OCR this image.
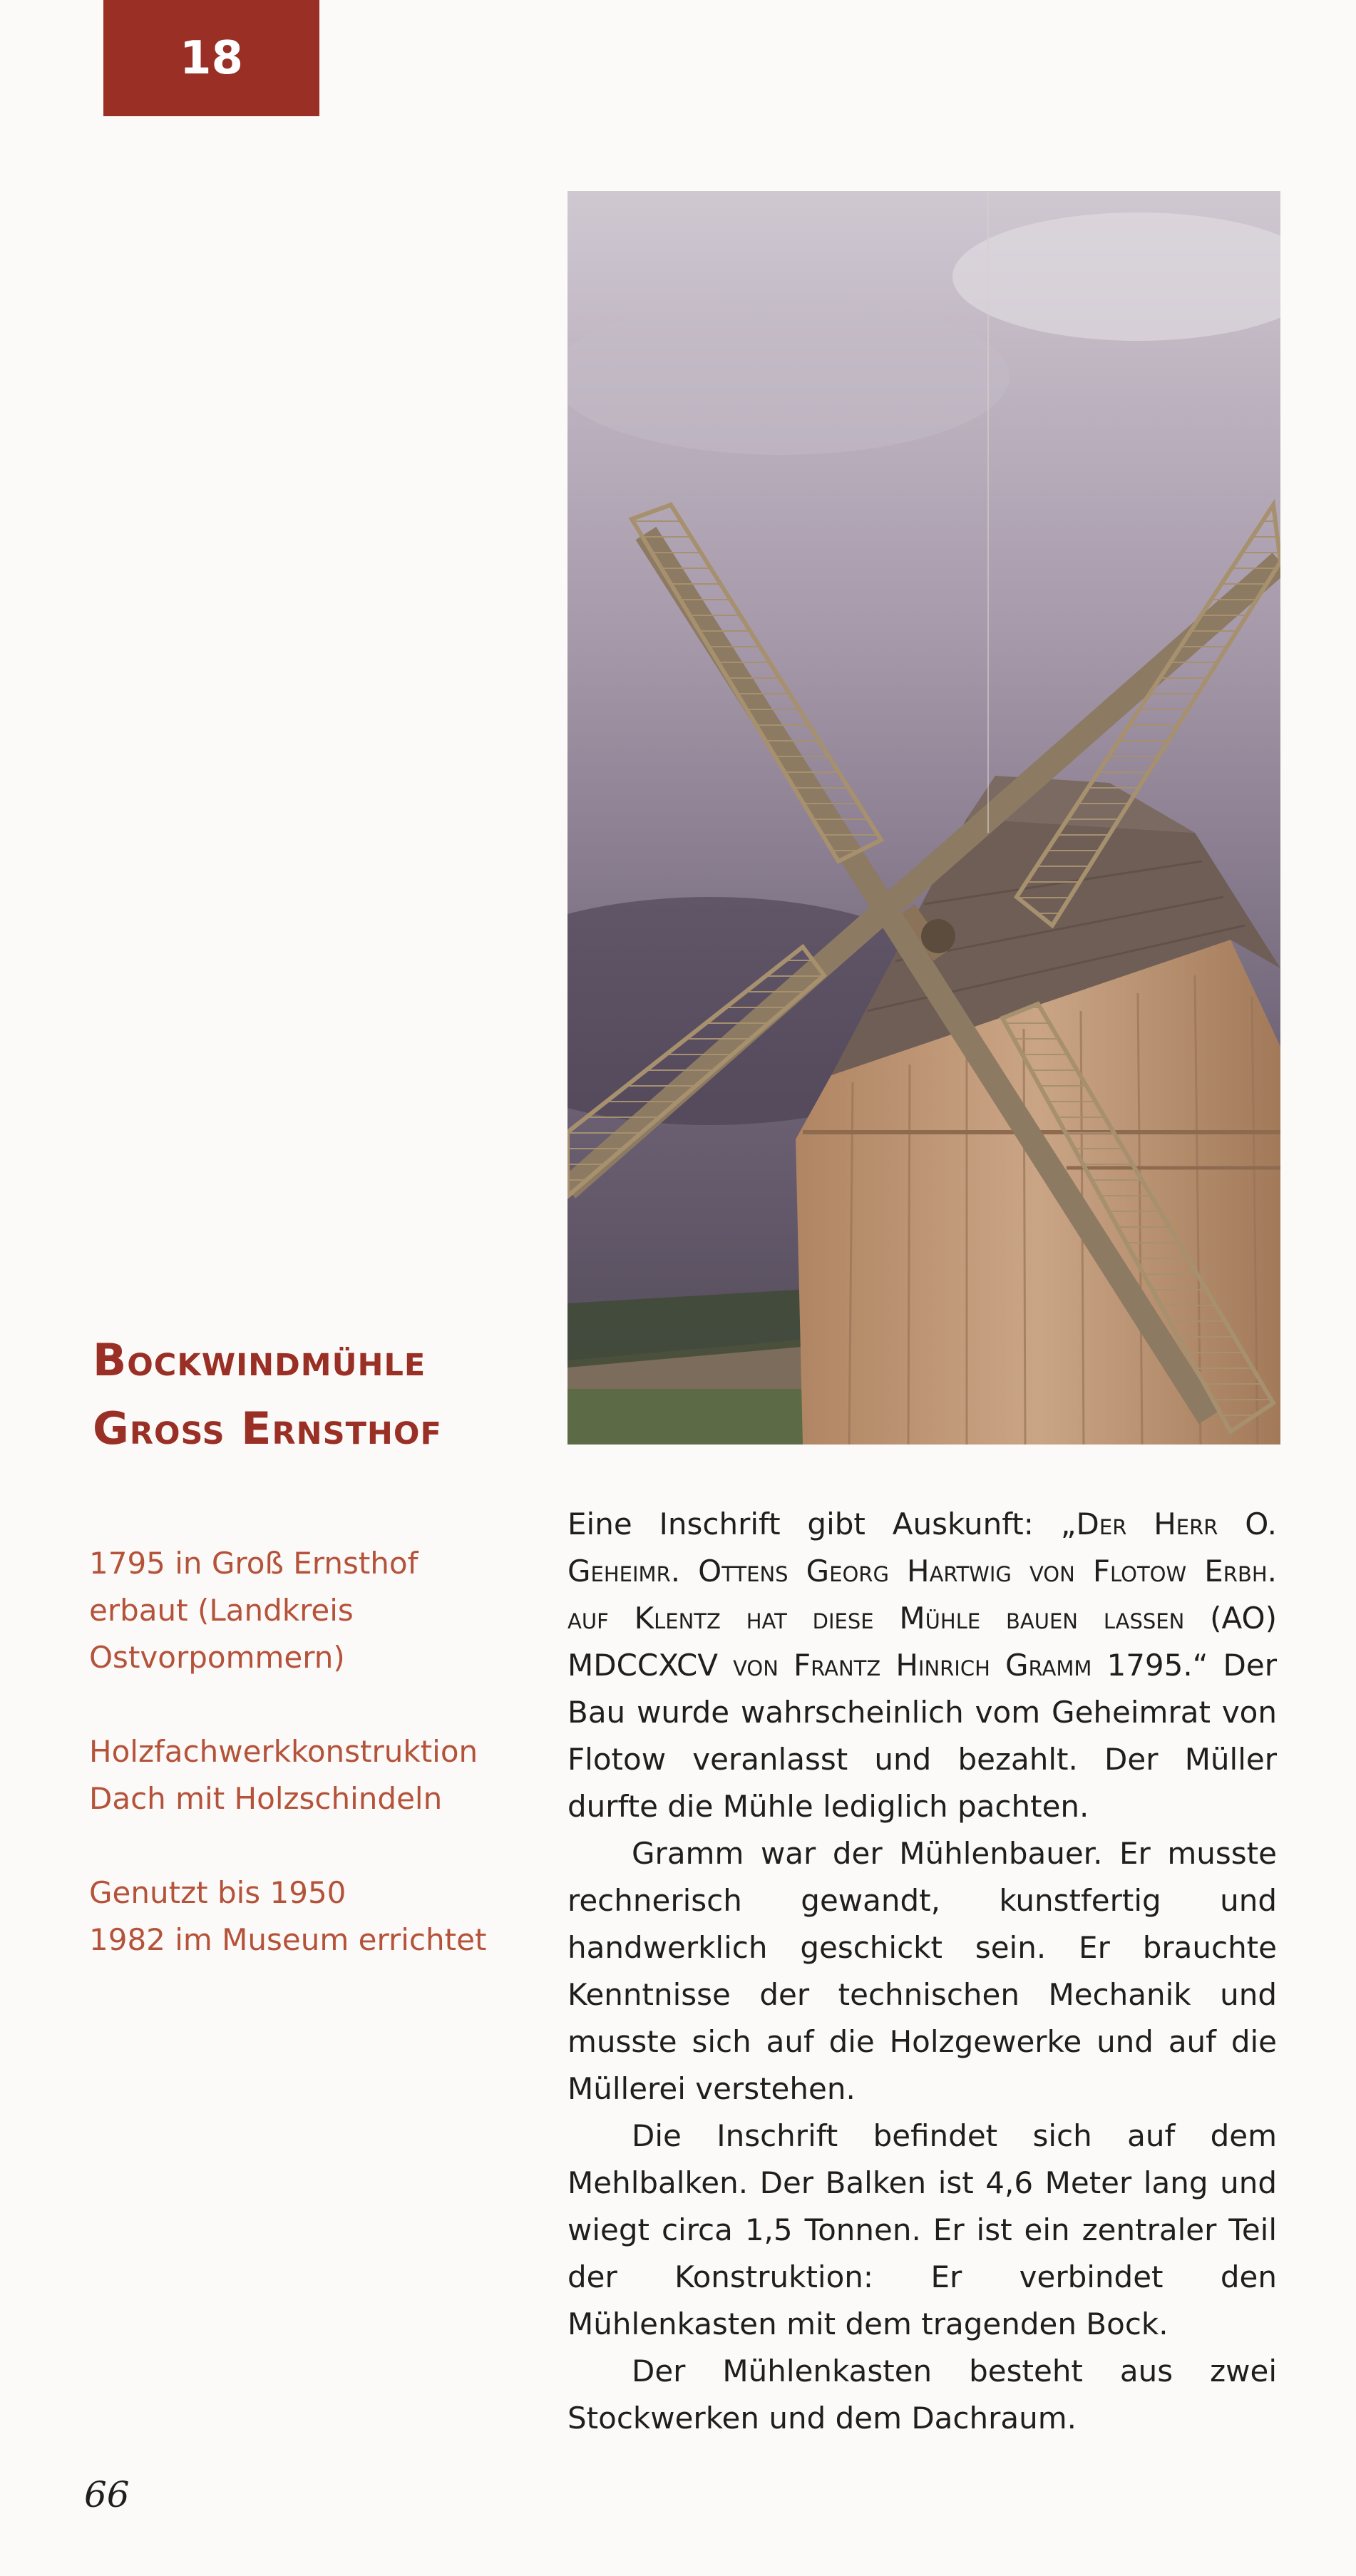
18
Bockwindmühle
Gross Ernsthof
1795 in Groß Ernsthof
erbaut (Landkreis
Ostvorpommern)
Holzfachwerkkonstruktion
Dach mit Holzschindeln
Genutzt bis 1950
1982 im Museum errichtet

Eine Inschrift gibt Auskunft: „Der Herr O. Geheimr. Ottens Georg Hartwig von Flotow Erbh. auf Klentz hat diese Mühle bauen lassen (AO) MDCCXCV von Frantz Hinrich Gramm 1795.“ Der Bau wurde wahrscheinlich vom Geheimrat von Flotow veranlasst und bezahlt. Der Müller durfte die Mühle lediglich pachten.

Gramm war der Mühlenbauer. Er musste rechnerisch gewandt, kunstfertig und handwerklich geschickt sein. Er brauchte Kenntnisse der technischen Mechanik und musste sich auf die Holzgewerke und auf die Müllerei verstehen.

Die Inschrift befindet sich auf dem Mehlbalken. Der Balken ist 4,6 Meter lang und wiegt circa 1,5 Tonnen. Er ist ein zentraler Teil der Konstruktion: Er verbindet den Mühlenkasten mit dem tragenden Bock.

Der Mühlenkasten besteht aus zwei Stockwerken und dem Dachraum.

66
